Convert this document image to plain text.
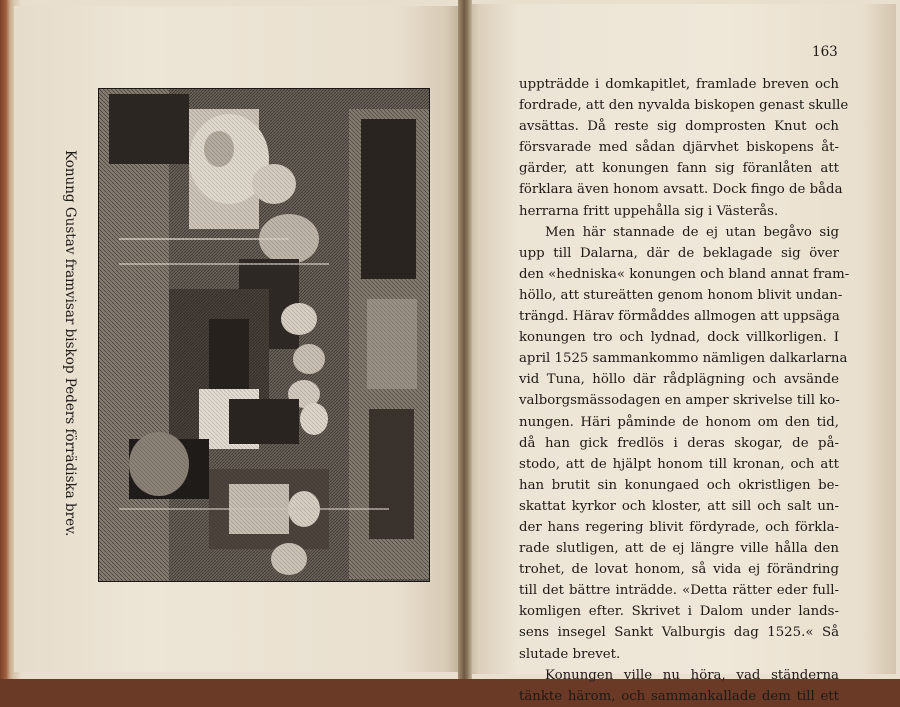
Konung Gustav framvisar biskop Peders förrädiska brev.
163
uppträdde i domkapitlet, framlade breven och
fordrade, att den nyvalda biskopen genast skulle
avsättas. Då reste sig domprosten Knut och
försvarade med sådan djärvhet biskopens åt-
gärder, att konungen fann sig föranlåten att
förklara även honom avsatt. Dock fingo de båda
herrarna fritt uppehålla sig i Västerås.
Men här stannade de ej utan begåvo sig
upp till Dalarna, där de beklagade sig över
den «hedniska« konungen och bland annat fram-
höllo, att stureätten genom honom blivit undan-
trängd. Härav förmåddes allmogen att uppsäga
konungen tro och lydnad, dock villkorligen. I
april 1525 sammankommo nämligen dalkarlarna
vid Tuna, höllo där rådplägning och avsände
valborgsmässodagen en amper skrivelse till ko-
nungen. Häri påminde de honom om den tid,
då han gick fredlös i deras skogar, de på-
stodo, att de hjälpt honom till kronan, och att
han brutit sin konungaed och okristligen be-
skattat kyrkor och kloster, att sill och salt un-
der hans regering blivit fördyrade, och förkla-
rade slutligen, att de ej längre ville hålla den
trohet, de lovat honom, så vida ej förändring
till det bättre inträdde. «Detta rätter eder full-
komligen efter. Skrivet i Dalom under lands-
sens insegel Sankt Valburgis dag 1525.« Så
slutade brevet.
Konungen ville nu höra, vad ständerna
tänkte härom, och sammankallade dem till ett
